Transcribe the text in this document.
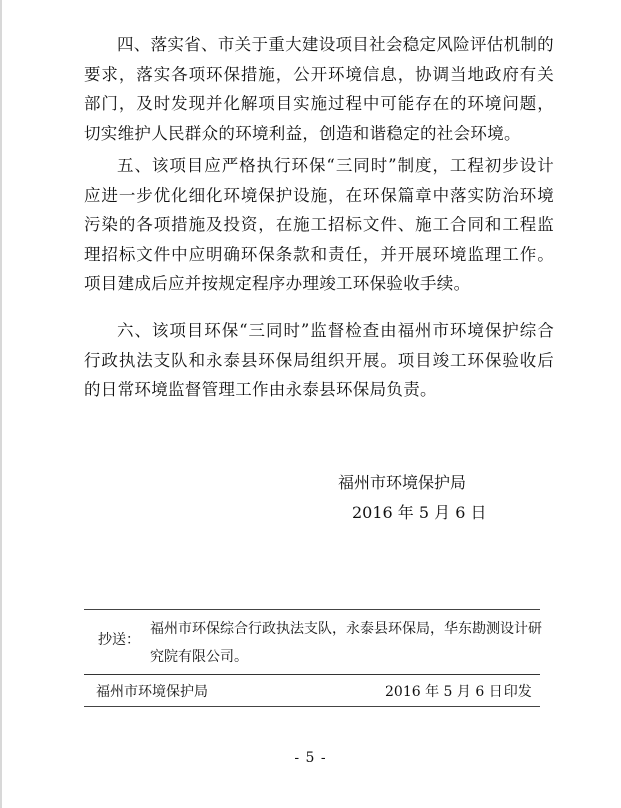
四、落实省、市关于重大建设项目社会稳定风险评估机制的要求，落实各项环保措施，公开环境信息，协调当地政府有关部门，及时发现并化解项目实施过程中可能存在的环境问题，切实维护人民群众的环境利益，创造和谐稳定的社会环境。

五、该项目应严格执行环保“三同时”制度，工程初步设计应进一步优化细化环境保护设施，在环保篇章中落实防治环境污染的各项措施及投资，在施工招标文件、施工合同和工程监理招标文件中应明确环保条款和责任，并开展环境监理工作。项目建成后应并按规定程序办理竣工环保验收手续。

六、该项目环保“三同时”监督检查由福州市环境保护综合行政执法支队和永泰县环保局组织开展。项目竣工环保验收后的日常环境监督管理工作由永泰县环保局负责。

福州市环境保护局
2016 年 5 月 6 日
抄送：
福州市环保综合行政执法支队，永泰县环保局，华东勘测设计研究院有限公司。
福州市环境保护局	2016 年 5 月 6 日印发
- 5 -
